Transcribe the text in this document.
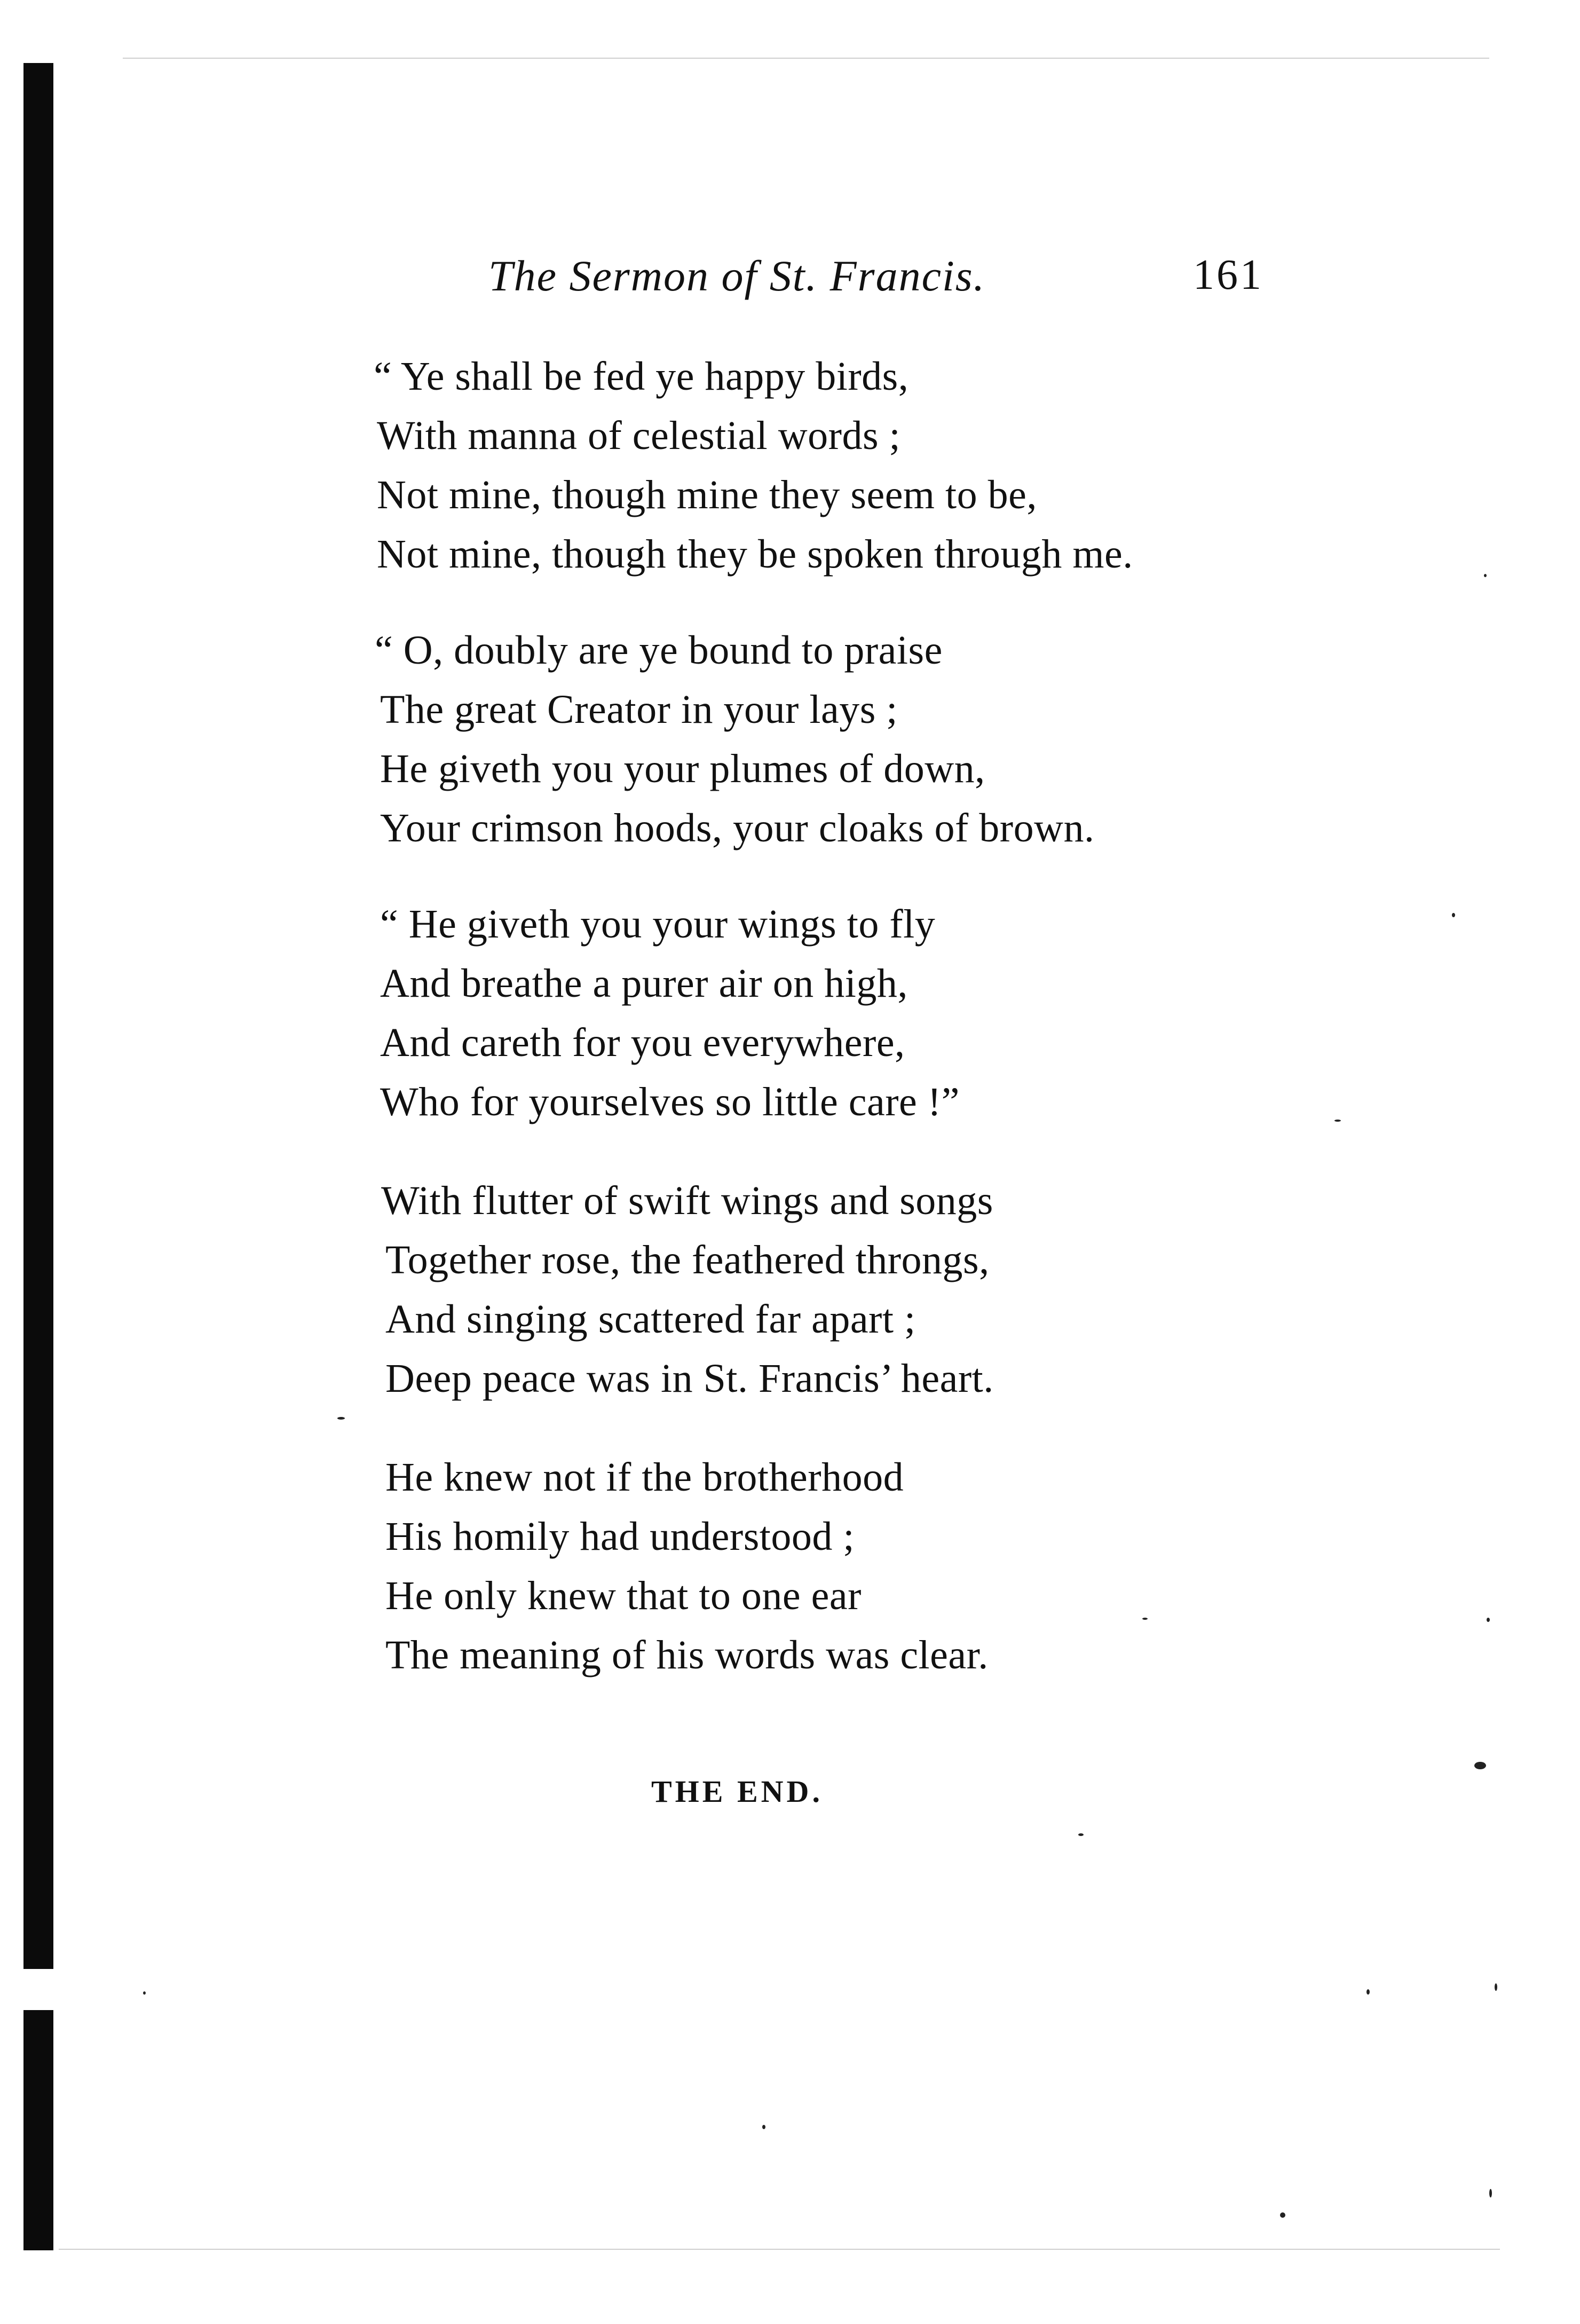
The Sermon of St. Francis.	161
“ Ye shall be fed ye happy birds,
With manna of celestial words ;
Not mine, though mine they seem to be,
Not mine, though they be spoken through me.
“ O, doubly are ye bound to praise
The great Creator in your lays ;
He giveth you your plumes of down,
Your crimson hoods, your cloaks of brown.
“ He giveth you your wings to fly
And breathe a purer air on high,
And careth for you everywhere,
Who for yourselves so little care !”
With flutter of swift wings and songs
Together rose, the feathered throngs,
And singing scattered far apart ;
Deep peace was in St. Francis’ heart.
He knew not if the brotherhood
His homily had understood ;
He only knew that to one ear
The meaning of his words was clear.
THE END.
